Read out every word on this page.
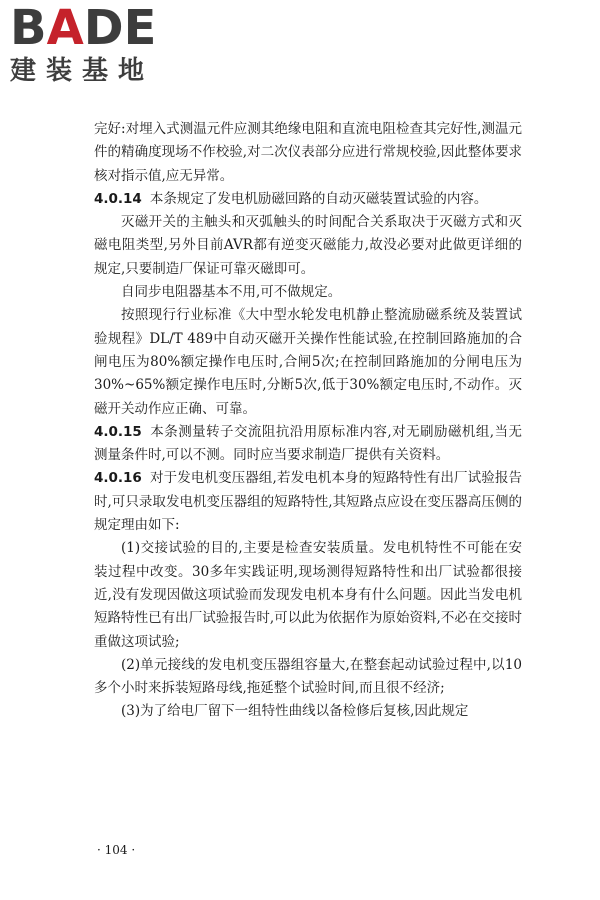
BADE
建装基地

完好:对埋入式测温元件应测其绝缘电阻和直流电阻检查其完好性,测温元件的精确度现场不作校验,对二次仪表部分应进行常规校验,因此整体要求核对指示值,应无异常。

4.0.14 本条规定了发电机励磁回路的自动灭磁装置试验的内容。

灭磁开关的主触头和灭弧触头的时间配合关系取决于灭磁方式和灭磁电阻类型,另外目前AVR都有逆变灭磁能力,故没必要对此做更详细的规定,只要制造厂保证可靠灭磁即可。

自同步电阻器基本不用,可不做规定。

按照现行行业标准《大中型水轮发电机静止整流励磁系统及装置试验规程》DL/T 489中自动灭磁开关操作性能试验,在控制回路施加的合闸电压为80%额定操作电压时,合闸5次;在控制回路施加的分闸电压为30%~65%额定操作电压时,分断5次,低于30%额定电压时,不动作。灭磁开关动作应正确、可靠。

4.0.15 本条测量转子交流阻抗沿用原标准内容,对无刷励磁机组,当无测量条件时,可以不测。同时应当要求制造厂提供有关资料。

4.0.16 对于发电机变压器组,若发电机本身的短路特性有出厂试验报告时,可只录取发电机变压器组的短路特性,其短路点应设在变压器高压侧的规定理由如下:

(1)交接试验的目的,主要是检查安装质量。发电机特性不可能在安装过程中改变。30多年实践证明,现场测得短路特性和出厂试验都很接近,没有发现因做这项试验而发现发电机本身有什么问题。因此当发电机短路特性已有出厂试验报告时,可以此为依据作为原始资料,不必在交接时重做这项试验;

(2)单元接线的发电机变压器组容量大,在整套起动试验过程中,以10多个小时来拆装短路母线,拖延整个试验时间,而且很不经济;

(3)为了给电厂留下一组特性曲线以备检修后复核,因此规定

· 104 ·
